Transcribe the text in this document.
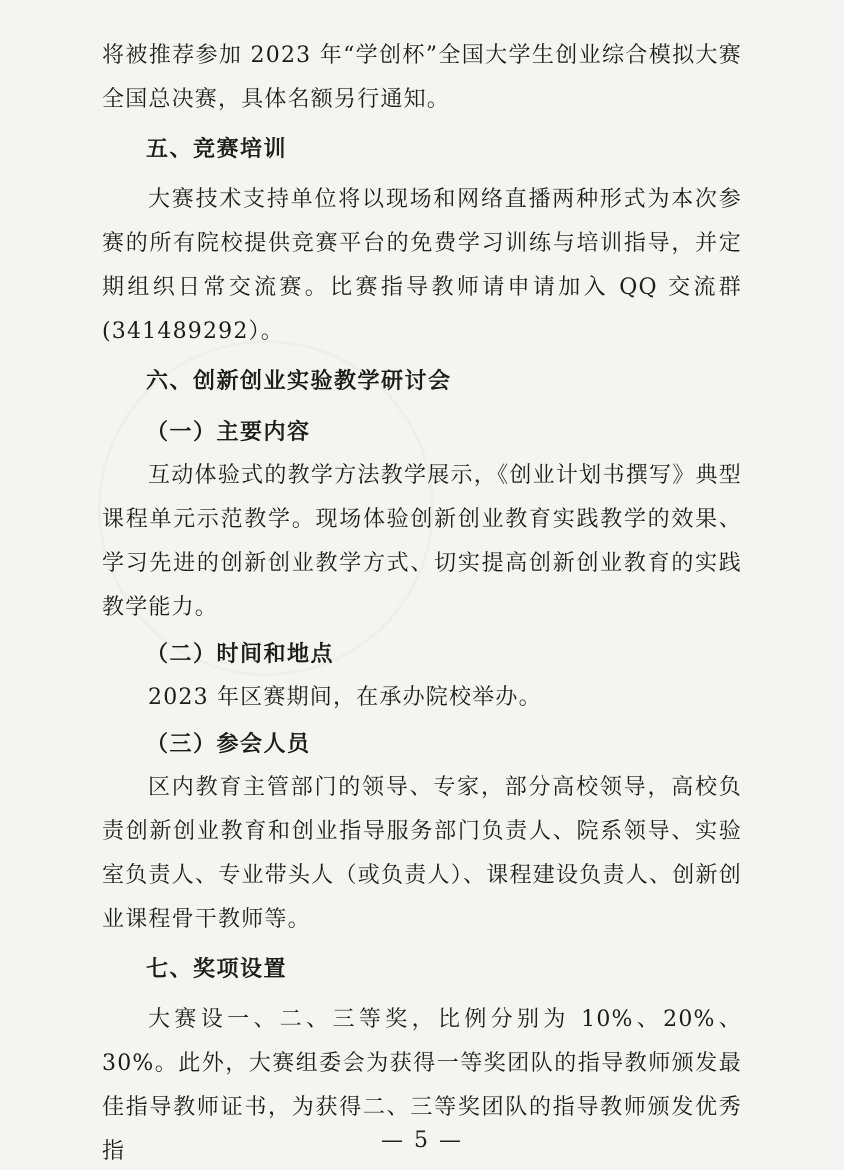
将被推荐参加 2023 年“学创杯”全国大学生创业综合模拟大赛全国总决赛，具体名额另行通知。

五、竞赛培训

大赛技术支持单位将以现场和网络直播两种形式为本次参赛的所有院校提供竞赛平台的免费学习训练与培训指导，并定期组织日常交流赛。比赛指导教师请申请加入 QQ 交流群(341489292）。

六、创新创业实验教学研讨会
（一）主要内容

互动体验式的教学方法教学展示，《创业计划书撰写》典型课程单元示范教学。现场体验创新创业教育实践教学的效果、学习先进的创新创业教学方式、切实提高创新创业教育的实践教学能力。

（二）时间和地点

2023 年区赛期间，在承办院校举办。

（三）参会人员

区内教育主管部门的领导、专家，部分高校领导，高校负责创新创业教育和创业指导服务部门负责人、院系领导、实验室负责人、专业带头人（或负责人）、课程建设负责人、创新创业课程骨干教师等。

七、奖项设置

大赛设一、二、三等奖，比例分别为 10%、20%、30%。此外，大赛组委会为获得一等奖团队的指导教师颁发最佳指导教师证书，为获得二、三等奖团队的指导教师颁发优秀指	— 5 —
